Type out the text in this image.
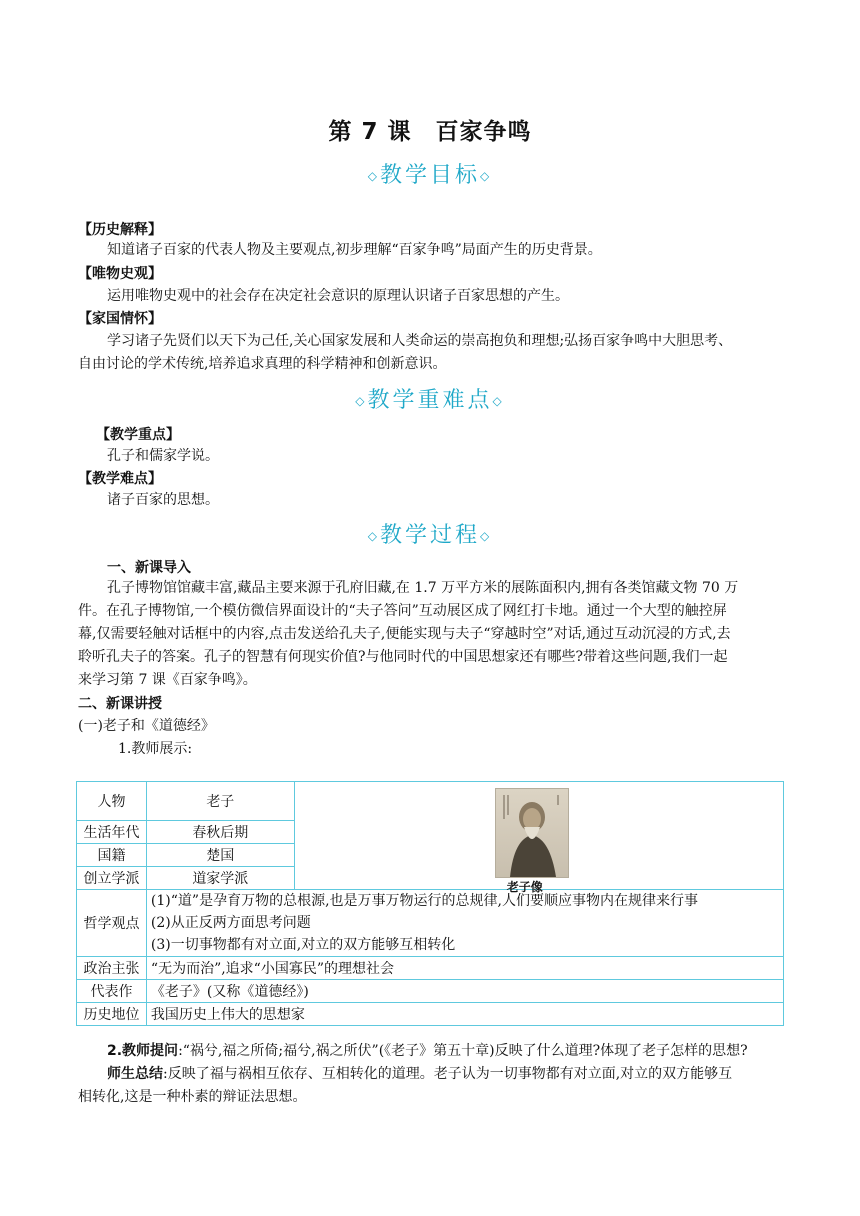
第 7 课　百家争鸣
◇教学目标◇
【历史解释】
知道诸子百家的代表人物及主要观点,初步理解“百家争鸣”局面产生的历史背景。
【唯物史观】
运用唯物史观中的社会存在决定社会意识的原理认识诸子百家思想的产生。
【家国情怀】
学习诸子先贤们以天下为己任,关心国家发展和人类命运的崇高抱负和理想;弘扬百家争鸣中大胆思考、
自由讨论的学术传统,培养追求真理的科学精神和创新意识。
◇教学重难点◇
【教学重点】
孔子和儒家学说。
【教学难点】
诸子百家的思想。
◇教学过程◇
一、新课导入
孔子博物馆馆藏丰富,藏品主要来源于孔府旧藏,在 1.7 万平方米的展陈面积内,拥有各类馆藏文物 70 万
件。在孔子博物馆,一个模仿微信界面设计的“夫子答问”互动展区成了网红打卡地。通过一个大型的触控屏
幕,仅需要轻触对话框中的内容,点击发送给孔夫子,便能实现与夫子“穿越时空”对话,通过互动沉浸的方式,去
聆听孔夫子的答案。孔子的智慧有何现实价值?与他同时代的中国思想家还有哪些?带着这些问题,我们一起
来学习第 7 课《百家争鸣》。
二、新课讲授
(一)老子和《道德经》
1.教师展示:
人物	老子	老子像

生活年代	春秋后期	
国籍	楚国	
创立学派	道家学派	
哲学观点	(1)“道”是孕育万物的总根源,也是万事万物运行的总规律,人们要顺应事物内在规律来行事
(2)从正反两方面思考问题
(3)一切事物都有对立面,对立的双方能够互相转化	

政治主张	“无为而治”,追求“小国寡民”的理想社会	
代表作	《老子》(又称《道德经》)	
历史地位	我国历史上伟大的思想家	
2.教师提问:“祸兮,福之所倚;福兮,祸之所伏”(《老子》第五十章)反映了什么道理?体现了老子怎样的思想?
师生总结:反映了福与祸相互依存、互相转化的道理。老子认为一切事物都有对立面,对立的双方能够互
相转化,这是一种朴素的辩证法思想。
